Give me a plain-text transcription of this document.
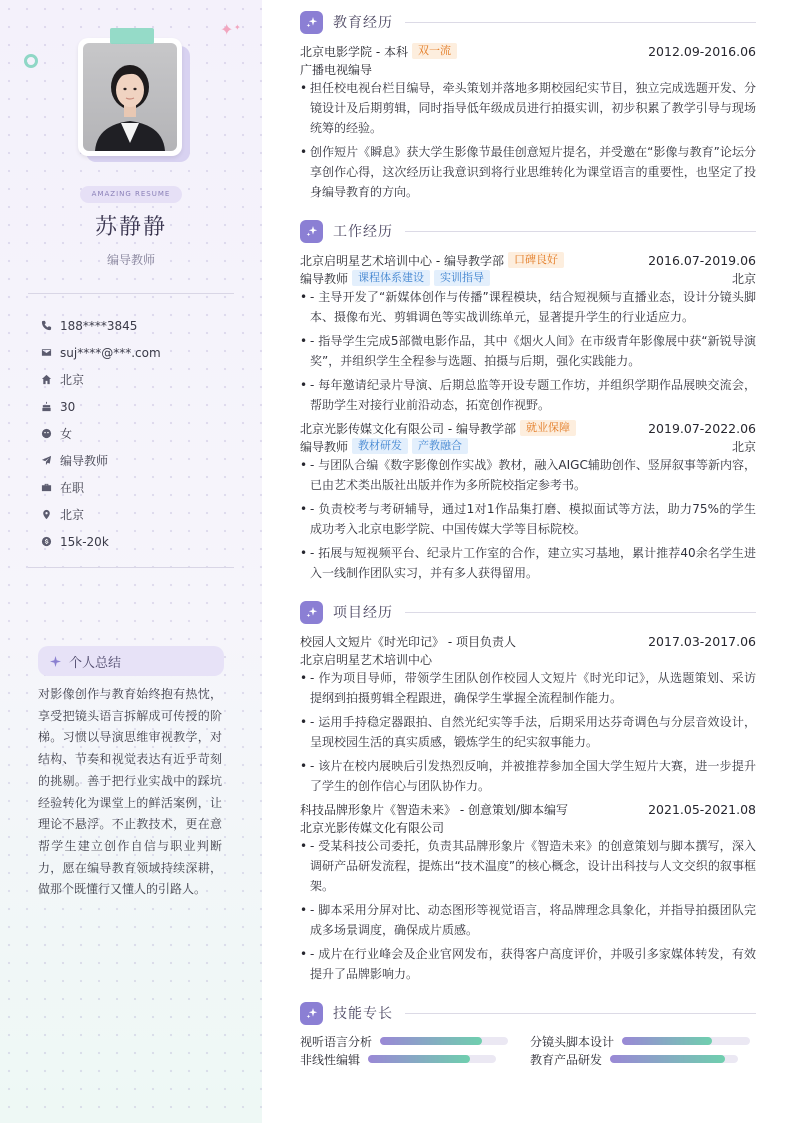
✦ ✦
AMAZING RESUME
苏静静
编导教师
188****3845
suj****@***.com
北京
30
女
编导教师
在职
北京
15k-20k
个人总结
对影像创作与教育始终抱有热忱，享受把镜头语言拆解成可传授的阶梯。习惯以导演思维审视教学，对结构、节奏和视觉表达有近乎苛刻的挑剔。善于把行业实战中的踩坑经验转化为课堂上的鲜活案例，让理论不悬浮。不止教技术，更在意帮学生建立创作自信与职业判断力，愿在编导教育领域持续深耕，做那个既懂行又懂人的引路人。
教育经历
北京电影学院 - 本科 双一流	2012.09-2016.06
广播电视编导
• 担任校电视台栏目编导，牵头策划并落地多期校园纪实节目，独立完成选题开发、分镜设计及后期剪辑，同时指导低年级成员进行拍摄实训，初步积累了教学引导与现场统筹的经验。
• 创作短片《瞬息》获大学生影像节最佳创意短片提名，并受邀在“影像与教育”论坛分享创作心得，这次经历让我意识到将行业思维转化为课堂语言的重要性，也坚定了投身编导教育的方向。
工作经历
北京启明星艺术培训中心 - 编导教学部 口碑良好	2016.07-2019.06
编导教师 课程体系建设	实训指导	北京
• - 主导开发了“新媒体创作与传播”课程模块，结合短视频与直播业态，设计分镜头脚本、摄像布光、剪辑调色等实战训练单元，显著提升学生的行业适应力。
• - 指导学生完成5部微电影作品，其中《烟火人间》在市级青年影像展中获“新锐导演奖”，并组织学生全程参与选题、拍摄与后期，强化实践能力。
• - 每年邀请纪录片导演、后期总监等开设专题工作坊，并组织学期作品展映交流会，帮助学生对接行业前沿动态，拓宽创作视野。
北京光影传媒文化有限公司 - 编导教学部 就业保障	2019.07-2022.06
编导教师 教材研发	产教融合	北京
• - 与团队合编《数字影像创作实战》教材，融入AIGC辅助创作、竖屏叙事等新内容，已由艺术类出版社出版并作为多所院校指定参考书。
• - 负责校考与考研辅导，通过1对1作品集打磨、模拟面试等方法，助力75%的学生成功考入北京电影学院、中国传媒大学等目标院校。
• - 拓展与短视频平台、纪录片工作室的合作，建立实习基地，累计推荐40余名学生进入一线制作团队实习，并有多人获得留用。
项目经历
校园人文短片《时光印记》 - 项目负责人	2017.03-2017.06
北京启明星艺术培训中心
• - 作为项目导师，带领学生团队创作校园人文短片《时光印记》，从选题策划、采访提纲到拍摄剪辑全程跟进，确保学生掌握全流程制作能力。
• - 运用手持稳定器跟拍、自然光纪实等手法，后期采用达芬奇调色与分层音效设计，呈现校园生活的真实质感，锻炼学生的纪实叙事能力。
• - 该片在校内展映后引发热烈反响，并被推荐参加全国大学生短片大赛，进一步提升了学生的创作信心与团队协作力。
科技品牌形象片《智造未来》 - 创意策划/脚本编写	2021.05-2021.08
北京光影传媒文化有限公司
• - 受某科技公司委托，负责其品牌形象片《智造未来》的创意策划与脚本撰写，深入调研产品研发流程，提炼出“技术温度”的核心概念，设计出科技与人文交织的叙事框架。
• - 脚本采用分屏对比、动态图形等视觉语言，将品牌理念具象化，并指导拍摄团队完成多场景调度，确保成片质感。
• - 成片在行业峰会及企业官网发布，获得客户高度评价，并吸引多家媒体转发，有效提升了品牌影响力。
技能专长
视听语言分析	分镜头脚本设计
非线性编辑	教育产品研发
